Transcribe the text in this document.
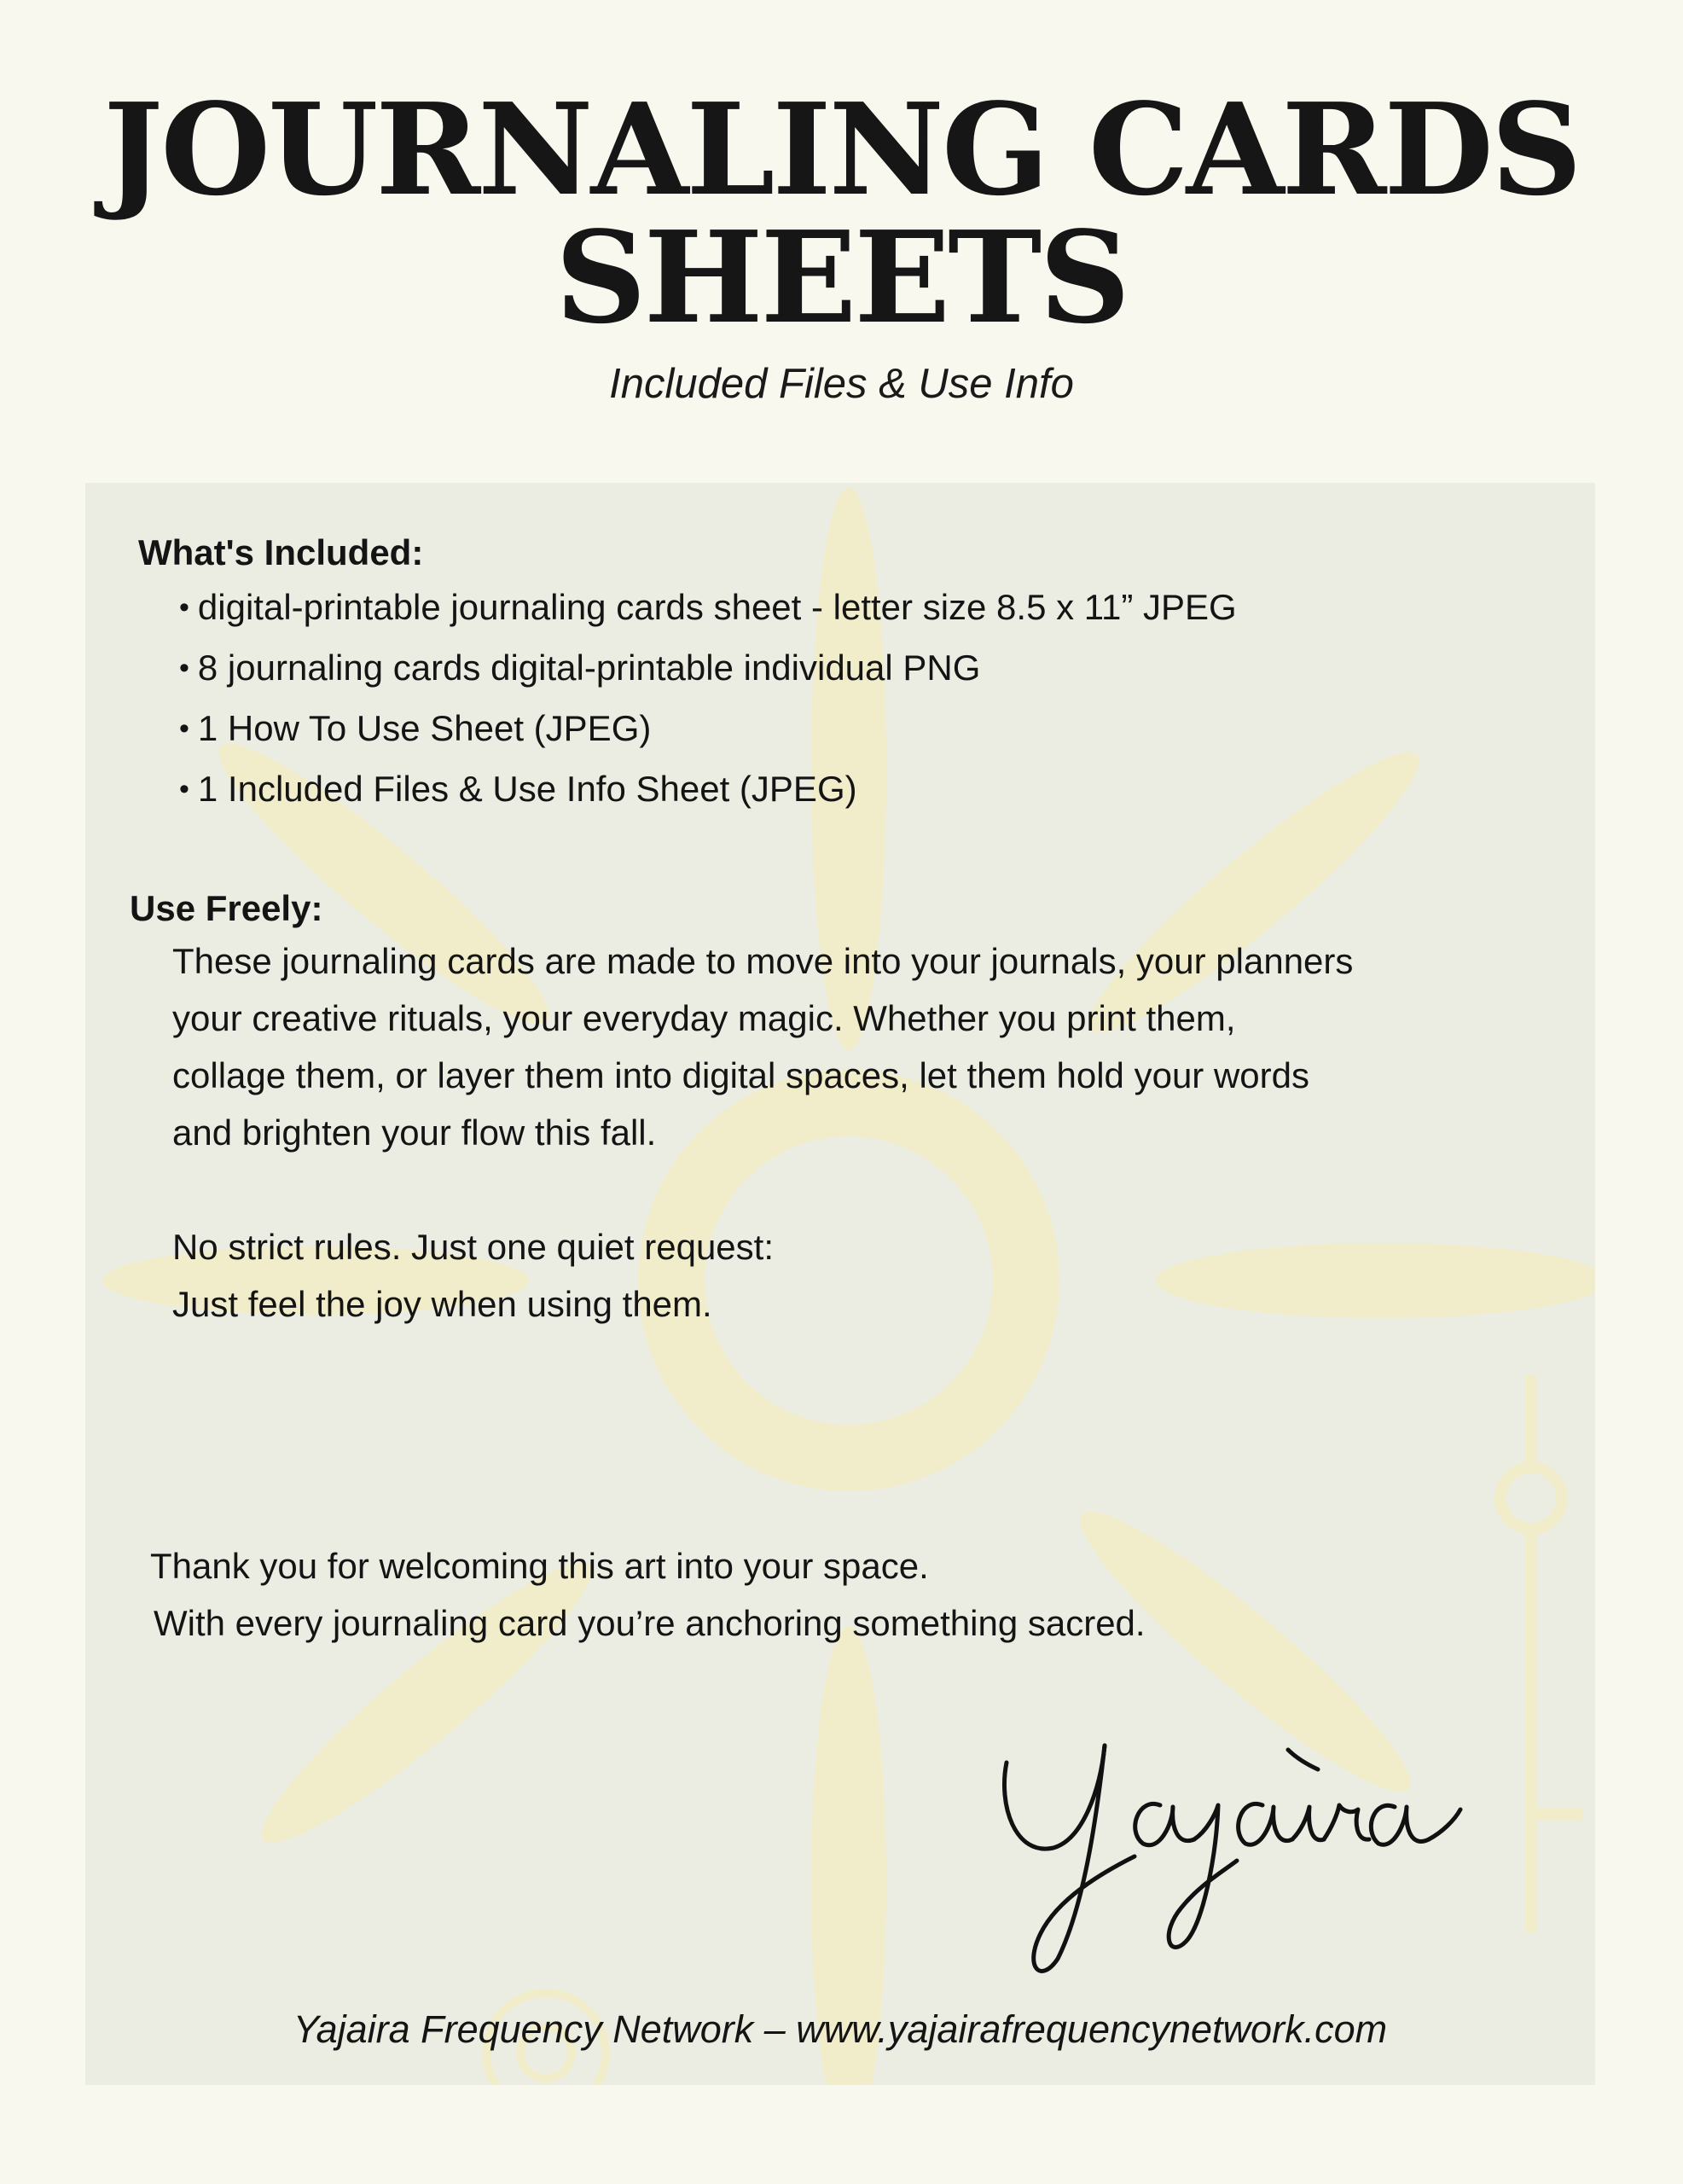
JOURNALING CARDS
SHEETS
Included Files & Use Info
What's Included:
• digital-printable journaling cards sheet - letter size 8.5 x 11” JPEG
• 8 journaling cards digital-printable individual PNG
• 1 How To Use Sheet (JPEG)
• 1 Included Files & Use Info Sheet (JPEG)
Use Freely:
These journaling cards are made to move into your journals, your planners
your creative rituals, your everyday magic. Whether you print them,
collage them, or layer them into digital spaces, let them hold your words
and brighten your flow this fall.
No strict rules. Just one quiet request:
Just feel the joy when using them.
Thank you for welcoming this art into your space.
With every journaling card you’re anchoring something sacred.
Yajaira Frequency Network – www.yajairafrequencynetwork.com
